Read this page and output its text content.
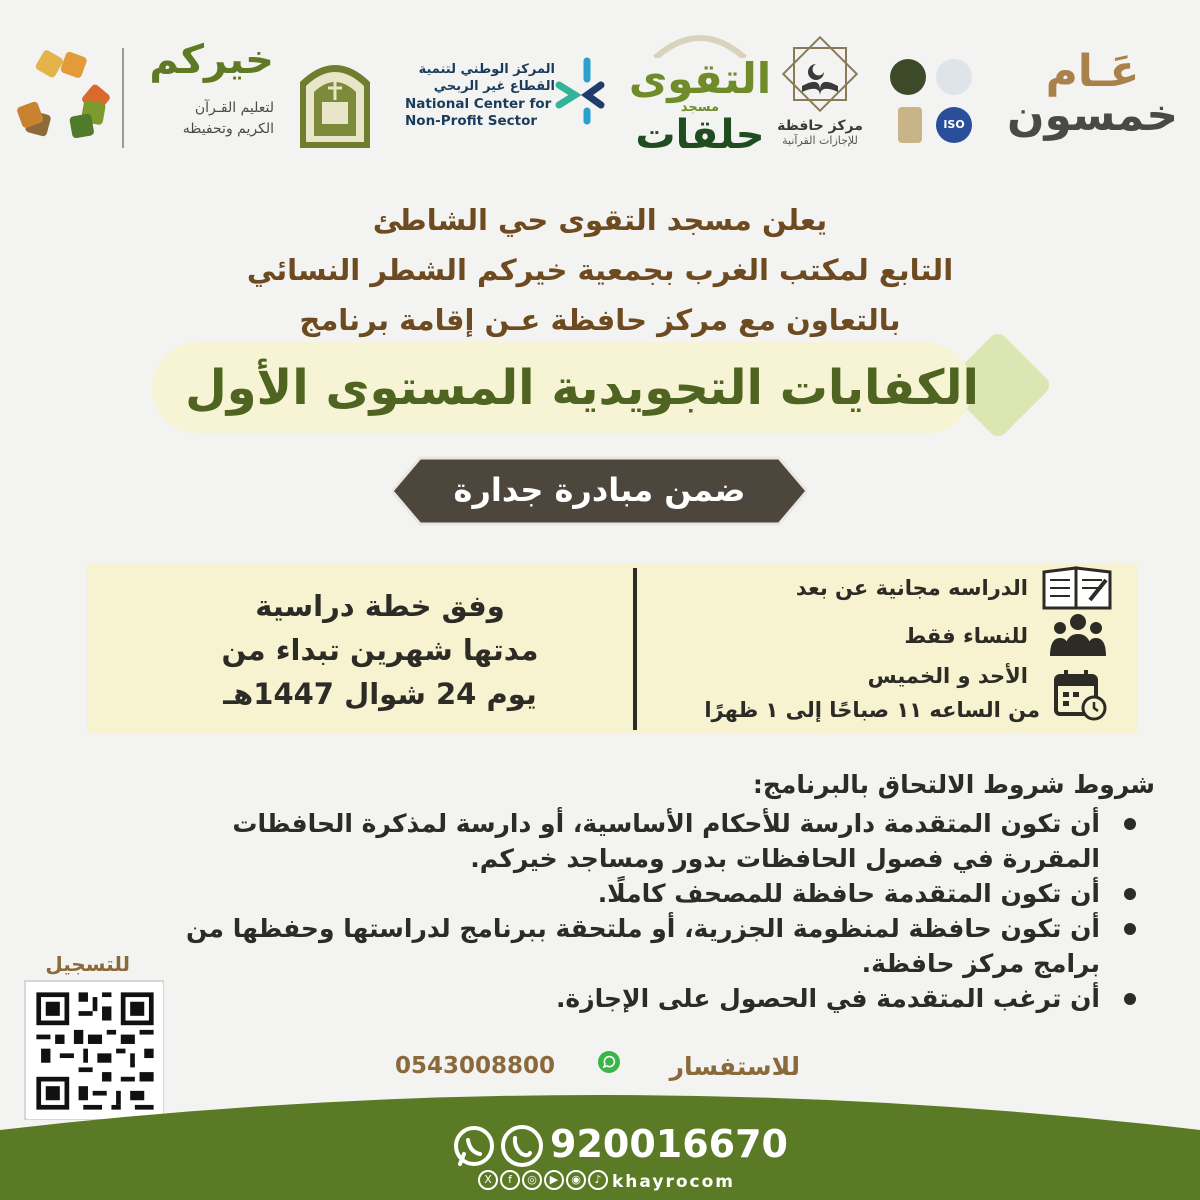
خيركم
لتعليم القـرآن
الكريم وتحفيظه
المركز الوطني لتنمية
القطاع غير الربحي
National Center for
Non-Profit Sector
التقوى
مسجد
حلقات مركز حافظة
للإجازات القرآنية
ISO
عَـام
خمسون
يعلن مسجد التقوى حي الشاطئ
التابع لمكتب الغرب بجمعية خيركم الشطر النسائي
بالتعاون مع مركز حافظة عـن إقامة برنامج
الكفايات التجويدية المستوى الأول
ضمن مبادرة جدارة
وفق خطة دراسية
مدتها شهرين تبداء من
يوم 24 شوال 1447هـ
الدراسه مجانية عن بعد
للنساء فقط
الأحد و الخميس
من الساعه ١١ صباحًا إلى ١ ظهرًا
شروط شروط الالتحاق بالبرنامج:
أن تكون المتقدمة دارسة للأحكام الأساسية، أو دارسة لمذكرة الحافظات المقررة في فصول الحافظات بدور ومساجد خيركم.
أن تكون المتقدمة حافظة للمصحف كاملًا.
أن تكون حافظة لمنظومة الجزرية، أو ملتحقة ببرنامج لدراستها وحفظها من برامج مركز حافظة.
أن ترغب المتقدمة في الحصول على الإجازة.
للتسجيل
للاستفسار
0543008800
920016670
X	f	◎	▶	◉	♪ khayrocom
